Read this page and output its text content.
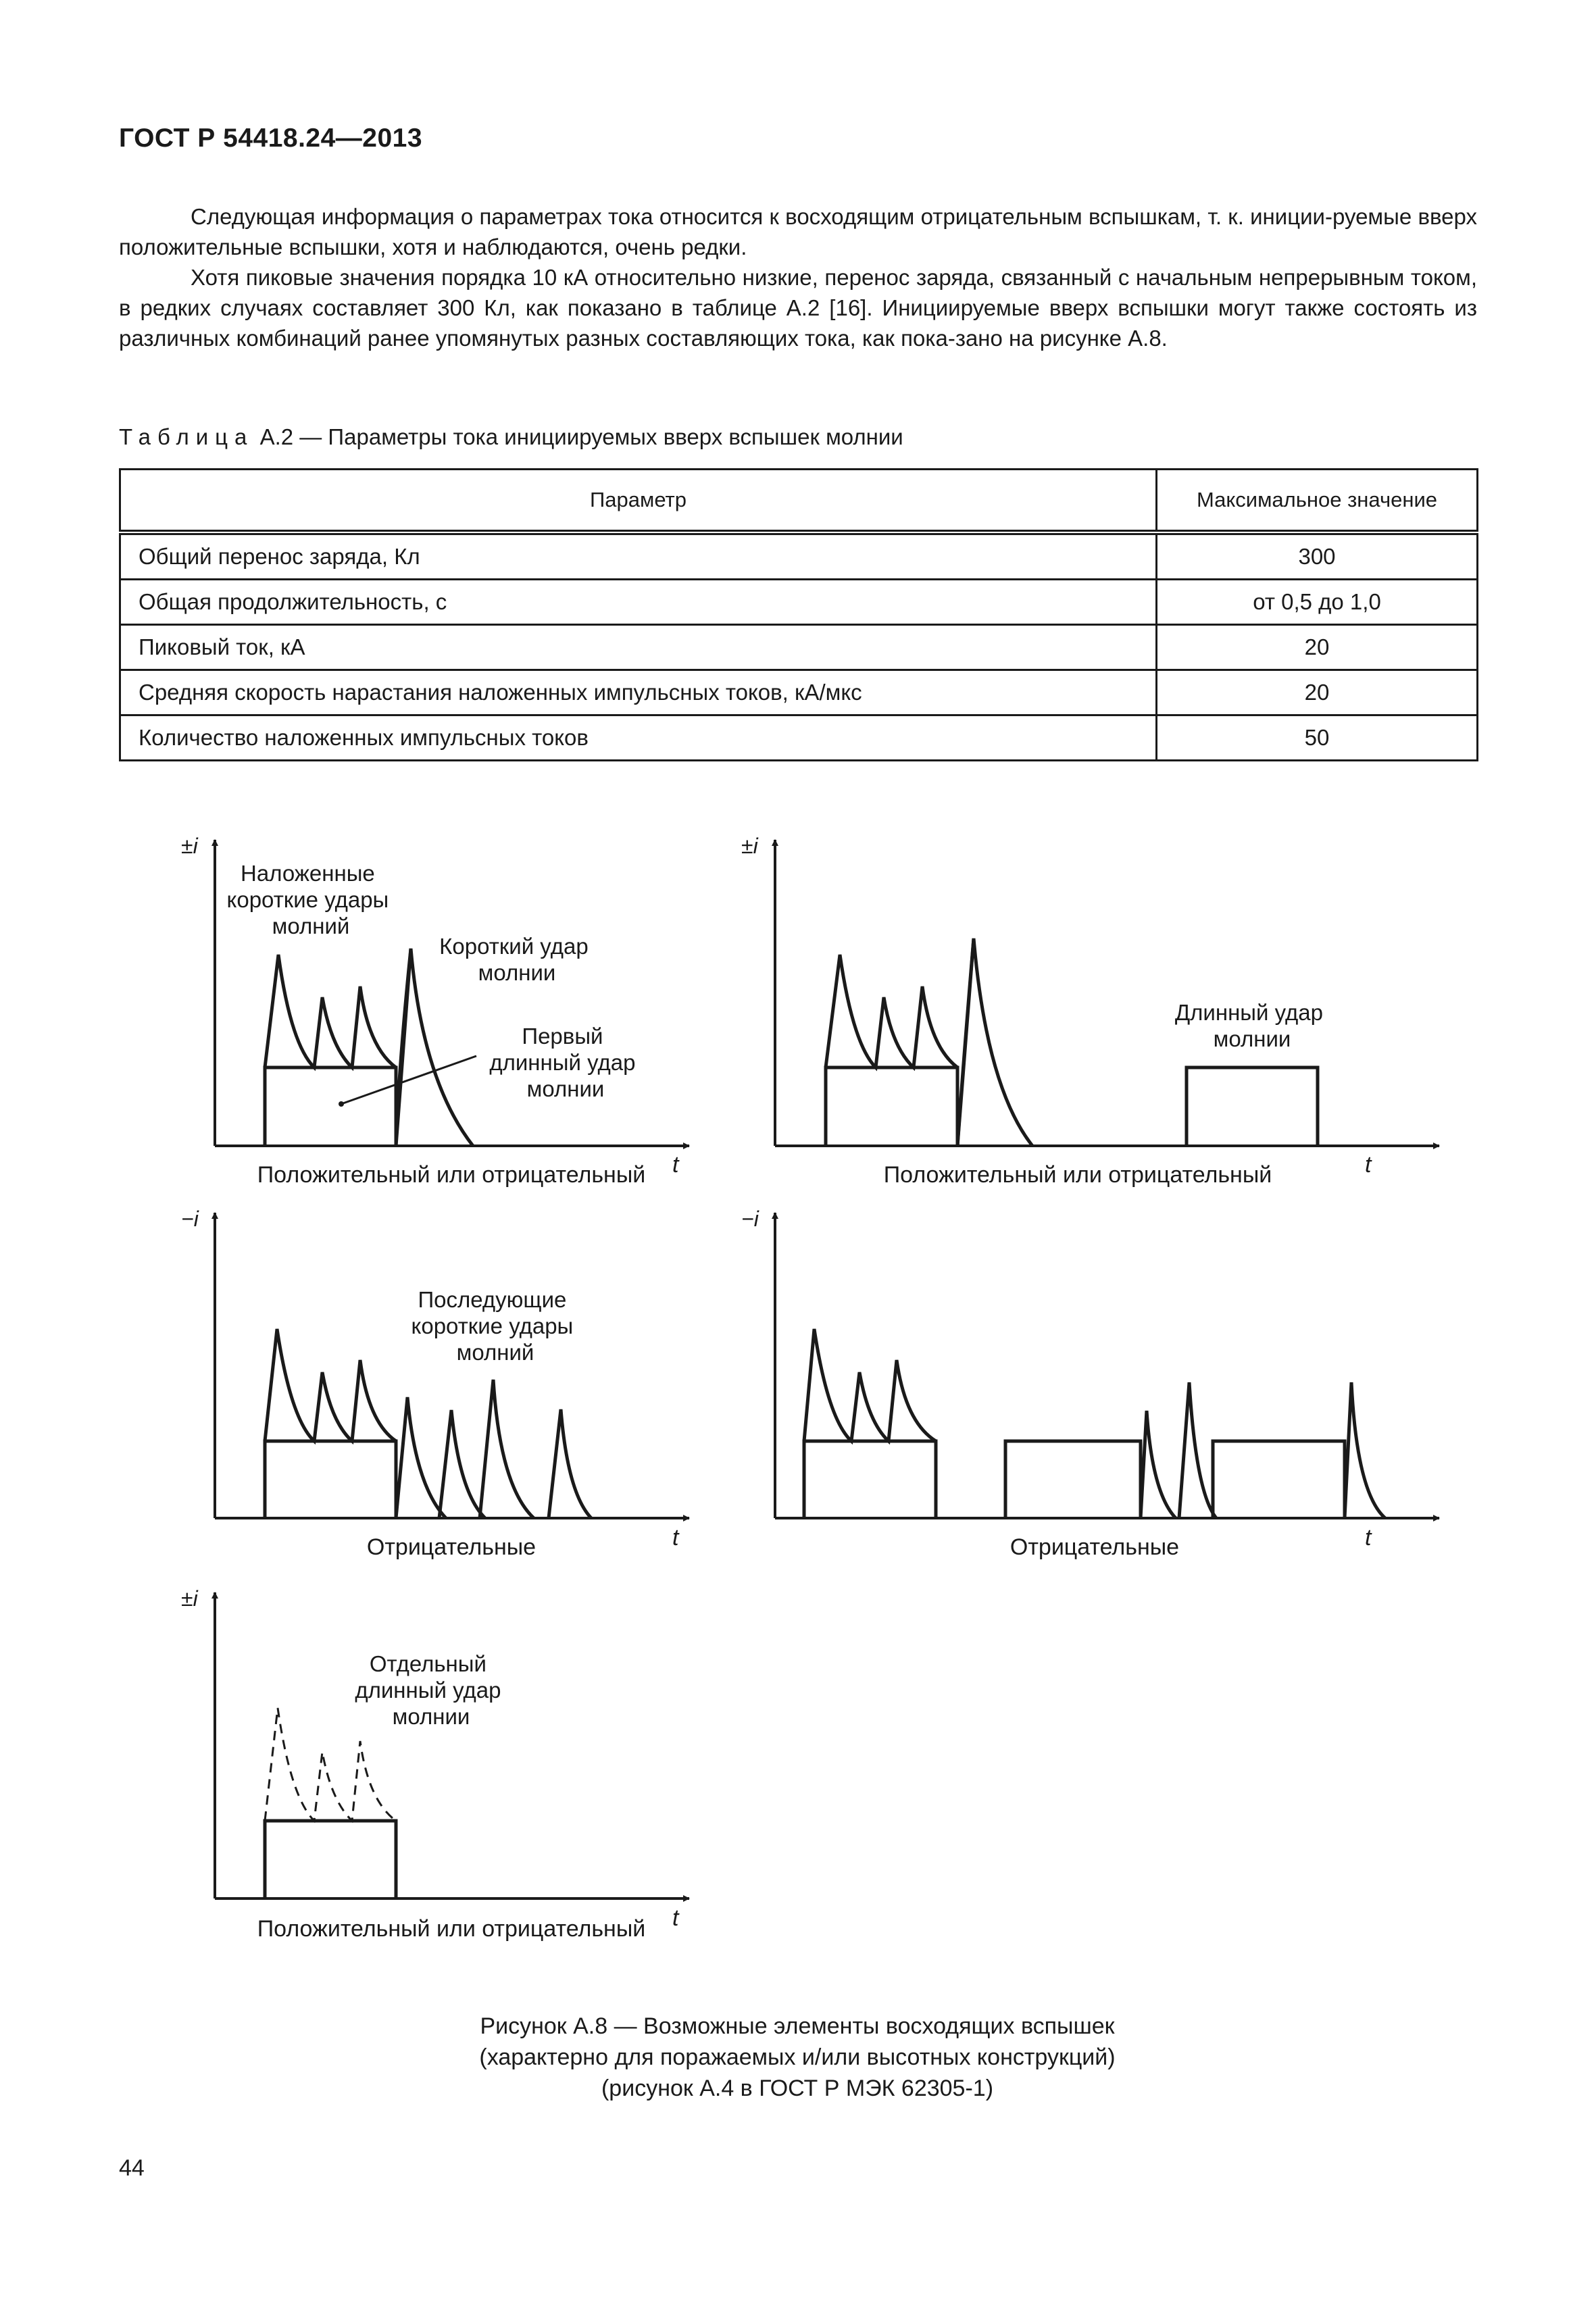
ГОСТ Р 54418.24—2013

Следующая информация о параметрах тока относится к восходящим отрицательным вспышкам, т. к. иниции-руемые вверх положительные вспышки, хотя и наблюдаются, очень редки.

Хотя пиковые значения порядка 10 кА относительно низкие, перенос заряда, связанный с начальным непрерывным током, в редких случаях составляет 300 Кл, как показано в таблице А.2 [16]. Инициируемые вверх вспышки могут также состоять из различных комбинаций ранее упомянутых разных составляющих тока, как пока-зано на рисунке А.8.

Таблица А.2 — Параметры тока инициируемых вверх вспышек молнии
Параметр	Максимальное значение
Общий перенос заряда, Кл	300
Общая продолжительность, с	от 0,5 до 1,0
Пиковый ток, кА	20
Средняя скорость нарастания наложенных импульсных токов, кА/мкс	20
Количество наложенных импульсных токов	50
±i
t
Положительный или отрицательный
Наложенные короткие удары молний
Короткий удар молнии
Первый длинный удар молнии
±i
t
Положительный или отрицательный
Длинный удар молнии
−i
t
Отрицательные
Последующие короткие удары молний
−i
t
Отрицательные
±i
t
Положительный или отрицательный
Отдельный длинный удар молнии
Рисунок А.8 — Возможные элементы восходящих вспышек
(характерно для поражаемых и/или высотных конструкций)
(рисунок А.4 в ГОСТ Р МЭК 62305-1)
44
